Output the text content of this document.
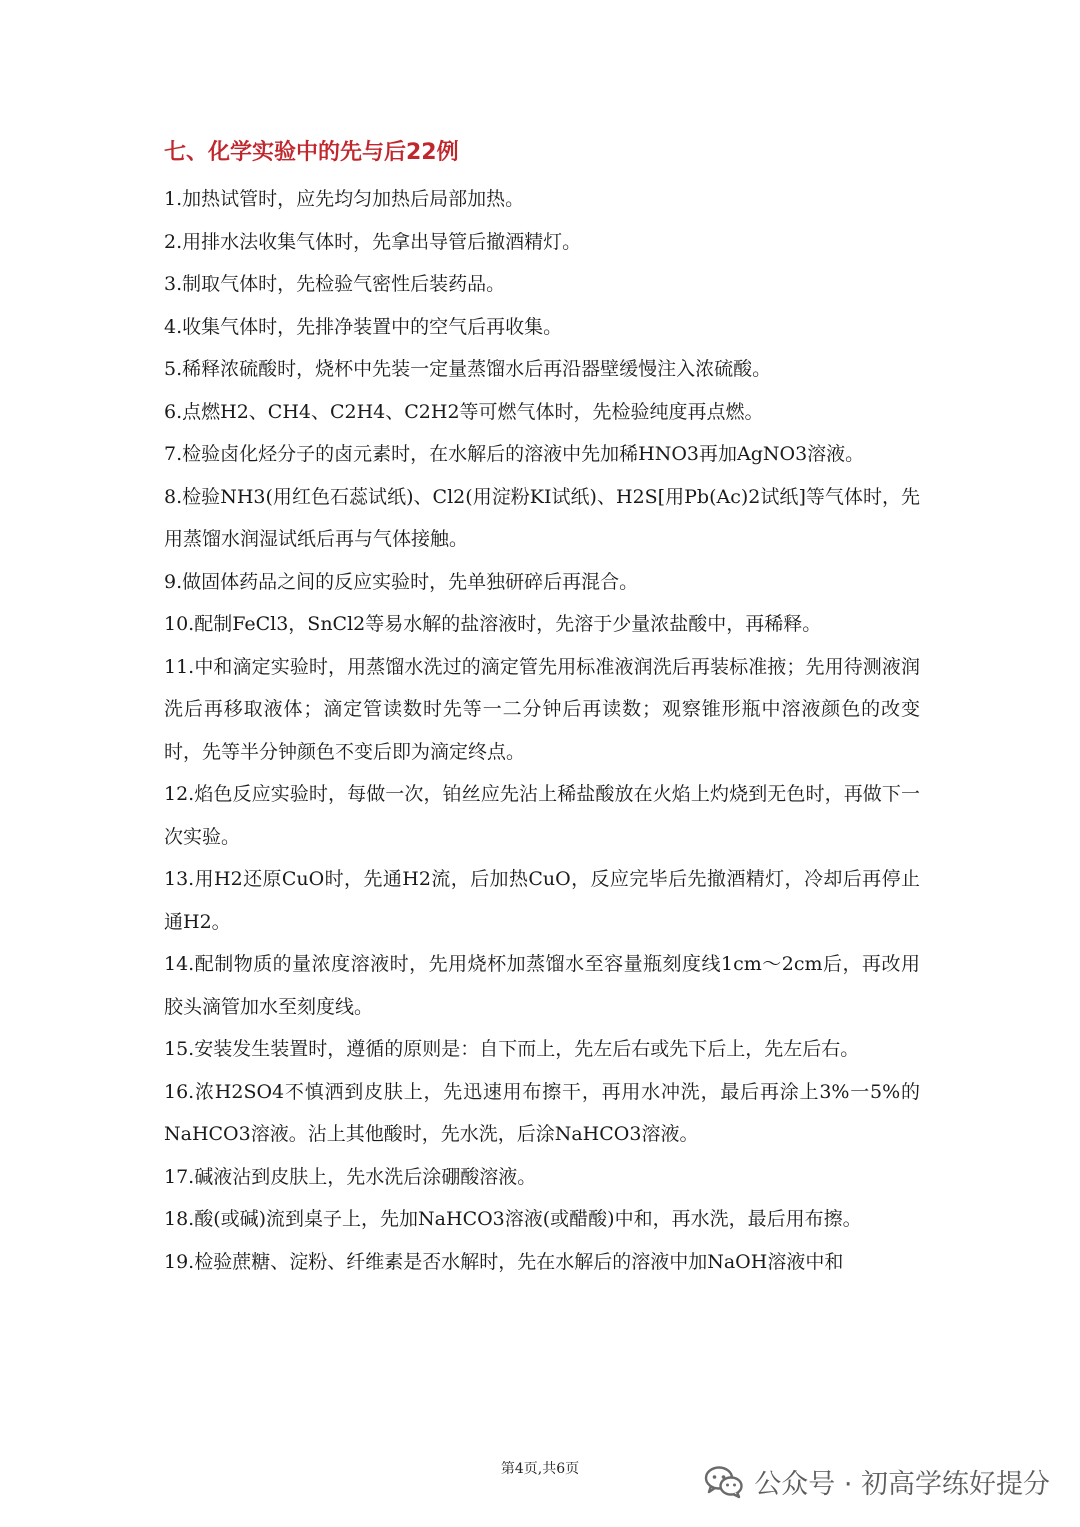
七、化学实验中的先与后22例
1.加热试管时，应先均匀加热后局部加热。
2.用排水法收集气体时，先拿出导管后撤酒精灯。
3.制取气体时，先检验气密性后装药品。
4.收集气体时，先排净装置中的空气后再收集。
5.稀释浓硫酸时，烧杯中先装一定量蒸馏水后再沿器壁缓慢注入浓硫酸。
6.点燃H2、CH4、C2H4、C2H2等可燃气体时，先检验纯度再点燃。
7.检验卤化烃分子的卤元素时，在水解后的溶液中先加稀HNO3再加AgNO3溶液。
8.检验NH3(用红色石蕊试纸)、Cl2(用淀粉KI试纸)、H2S[用Pb(Ac)2试纸]等气体时，先用蒸馏水润湿试纸后再与气体接触。
9.做固体药品之间的反应实验时，先单独研碎后再混合。
10.配制FeCl3，SnCl2等易水解的盐溶液时，先溶于少量浓盐酸中，再稀释。
11.中和滴定实验时，用蒸馏水洗过的滴定管先用标准液润洗后再装标准掖；先用待测液润洗后再移取液体；滴定管读数时先等一二分钟后再读数；观察锥形瓶中溶液颜色的改变时，先等半分钟颜色不变后即为滴定终点。
12.焰色反应实验时，每做一次，铂丝应先沾上稀盐酸放在火焰上灼烧到无色时，再做下一次实验。
13.用H2还原CuO时，先通H2流，后加热CuO，反应完毕后先撤酒精灯，冷却后再停止通H2。
14.配制物质的量浓度溶液时，先用烧杯加蒸馏水至容量瓶刻度线1cm～2cm后，再改用胶头滴管加水至刻度线。
15.安装发生装置时，遵循的原则是：自下而上，先左后右或先下后上，先左后右。
16.浓H2SO4不慎洒到皮肤上，先迅速用布擦干，再用水冲洗，最后再涂上3%一5%的NaHCO3溶液。沾上其他酸时，先水洗，后涂NaHCO3溶液。
17.碱液沾到皮肤上，先水洗后涂硼酸溶液。
18.酸(或碱)流到桌子上，先加NaHCO3溶液(或醋酸)中和，再水洗，最后用布擦。
19.检验蔗糖、淀粉、纤维素是否水解时，先在水解后的溶液中加NaOH溶液中和
第4页,共6页	公众号 · 初高学练好提分
